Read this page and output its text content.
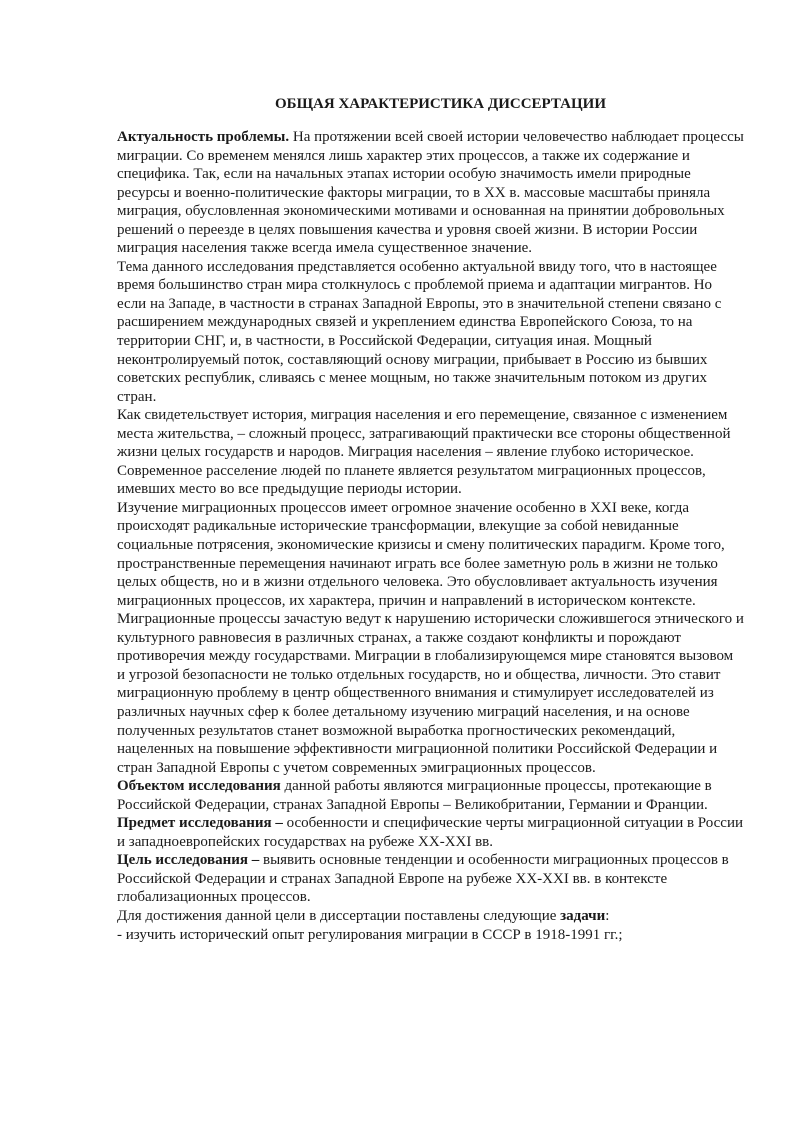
ОБЩАЯ ХАРАКТЕРИСТИКА ДИССЕРТАЦИИ

Актуальность проблемы. На протяжении всей своей истории человечество наблюдает процессы миграции. Со временем менялся лишь характер этих процессов, а также их содержание и специфика. Так, если на начальных этапах истории особую значимость имели природные ресурсы и военно-политические факторы миграции, то в XX в. массовые масштабы приняла миграция, обусловленная экономическими мотивами и основанная на принятии добровольных решений о переезде в целях повышения качества и уровня своей жизни. В истории России миграция населения также всегда имела существенное значение.

Тема данного исследования представляется особенно актуальной ввиду того, что в настоящее время большинство стран мира столкнулось с проблемой приема и адаптации мигрантов. Но если на Западе, в частности в странах Западной Европы, это в значительной степени связано с расширением международных связей и укреплением единства Европейского Союза, то на территории СНГ, и, в частности, в Российской Федерации, ситуация иная. Мощный неконтролируемый поток, составляющий основу миграции, прибывает в Россию из бывших советских республик, сливаясь с менее мощным, но также значительным потоком из других стран.

Как свидетельствует история, миграция населения и его перемещение, связанное с изменением места жительства, – сложный процесс, затрагивающий практически все стороны общественной жизни целых государств и народов. Миграция населения – явление глубоко историческое. Современное расселение людей по планете является результатом миграционных процессов, имевших место во все предыдущие периоды истории.

Изучение миграционных процессов имеет огромное значение особенно в XXI веке, когда происходят радикальные исторические трансформации, влекущие за собой невиданные социальные потрясения, экономические кризисы и смену политических парадигм. Кроме того, пространственные перемещения начинают играть все более заметную роль в жизни не только целых обществ, но и в жизни отдельного человека. Это обусловливает актуальность изучения миграционных процессов, их характера, причин и направлений в историческом контексте.

Миграционные процессы зачастую ведут к нарушению исторически сложившегося этнического и культурного равновесия в различных странах, а также создают конфликты и порождают противоречия между государствами. Миграции в глобализирующемся мире становятся вызовом и угрозой безопасности не только отдельных государств, но и общества, личности. Это ставит миграционную проблему в центр общественного внимания и стимулирует исследователей из различных научных сфер к более детальному изучению миграций населения, и на основе полученных результатов станет возможной выработка прогностических рекомендаций, нацеленных на повышение эффективности миграционной политики Российской Федерации и стран Западной Европы с учетом современных эмиграционных процессов.

Объектом исследования данной работы являются миграционные процессы, протекающие в Российской Федерации, странах Западной Европы – Великобритании, Германии и Франции.

Предмет исследования – особенности и специфические черты миграционной ситуации в России и западноевропейских государствах на рубеже XX-XXI вв.

Цель исследования – выявить основные тенденции и особенности миграционных процессов в Российской Федерации и странах Западной Европе на рубеже XX-XXI вв. в контексте глобализационных процессов.

Для достижения данной цели в диссертации поставлены следующие задачи:

- изучить исторический опыт регулирования миграции в СССР в 1918-1991 гг.;
